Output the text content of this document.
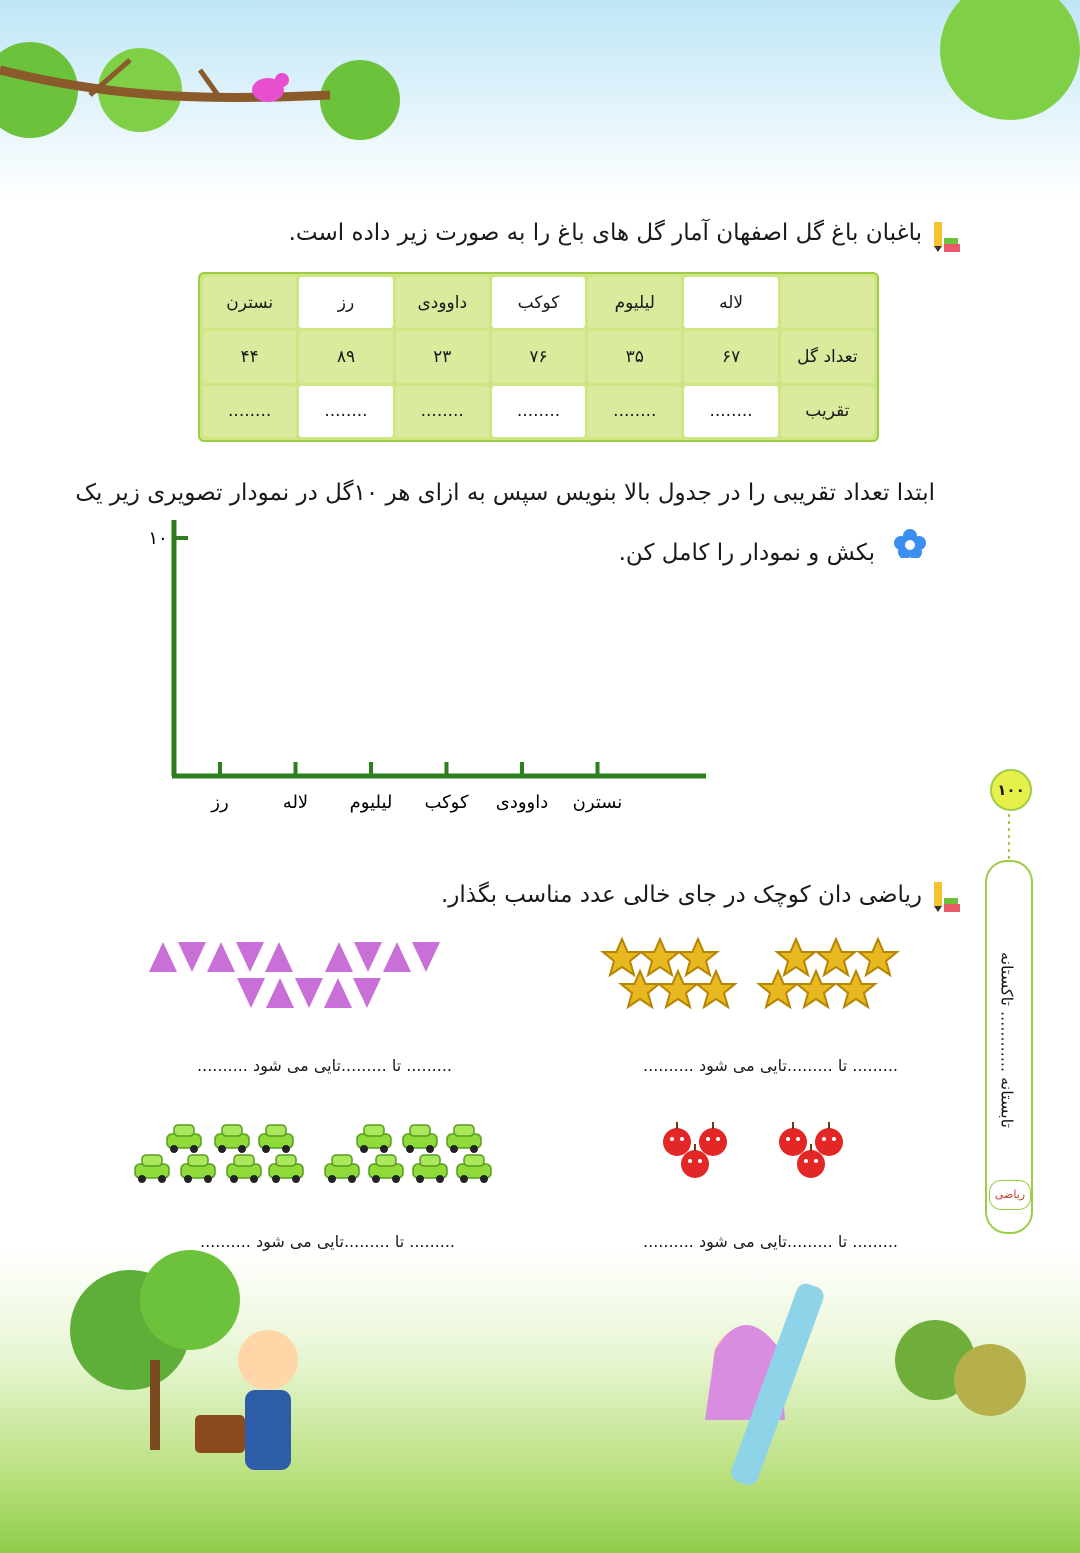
باغبان باغ گل اصفهان آمار گل های باغ را به صورت زیر داده است.
	لاله	لیلیوم	کوکب	داوودی	رز	نسترن
تعداد گل	۶۷	۳۵	۷۶	۲۳	۸۹	۴۴
تقریب	........	........	........	........	........	........
ابتدا تعداد تقریبی را در جدول بالا بنویس سپس به ازای هر ۱۰گل در نمودار تصویری زیر یک
بکش و نمودار را کامل کن.
۱۰
رز	لاله لیلیوم کوکب داوودی نسترن
ریاضی دان کوچک در جای خالی عدد مناسب بگذار.
......... تا .........تایی می شود ..........
......... تا .........تایی می شود ..........
......... تا .........تایی می شود ..........
......... تا .........تایی می شود ..........
۱۰۰
تابستانه ............ تاکستانه
ریاضی
